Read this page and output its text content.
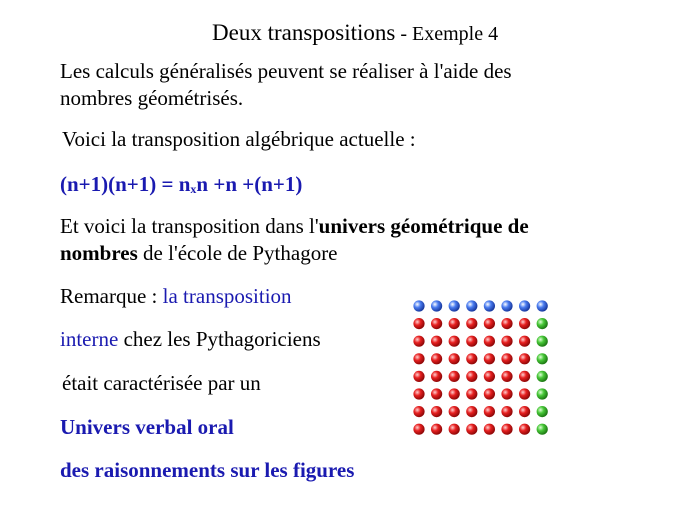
Deux transpositions - Exemple 4
Les calculs généralisés peuvent se réaliser à l'aide des
nombres géométrisés.
Voici la transposition algébrique actuelle :
$(n+1)(n+1) = n_xn +n +(n+1)$
Et voici la transposition dans l'univers géométrique de
nombres de l'école de Pythagore
Remarque : la transposition
interne chez les Pythagoriciens
était caractérisée par un
Univers verbal oral
des raisonnements sur les figures
